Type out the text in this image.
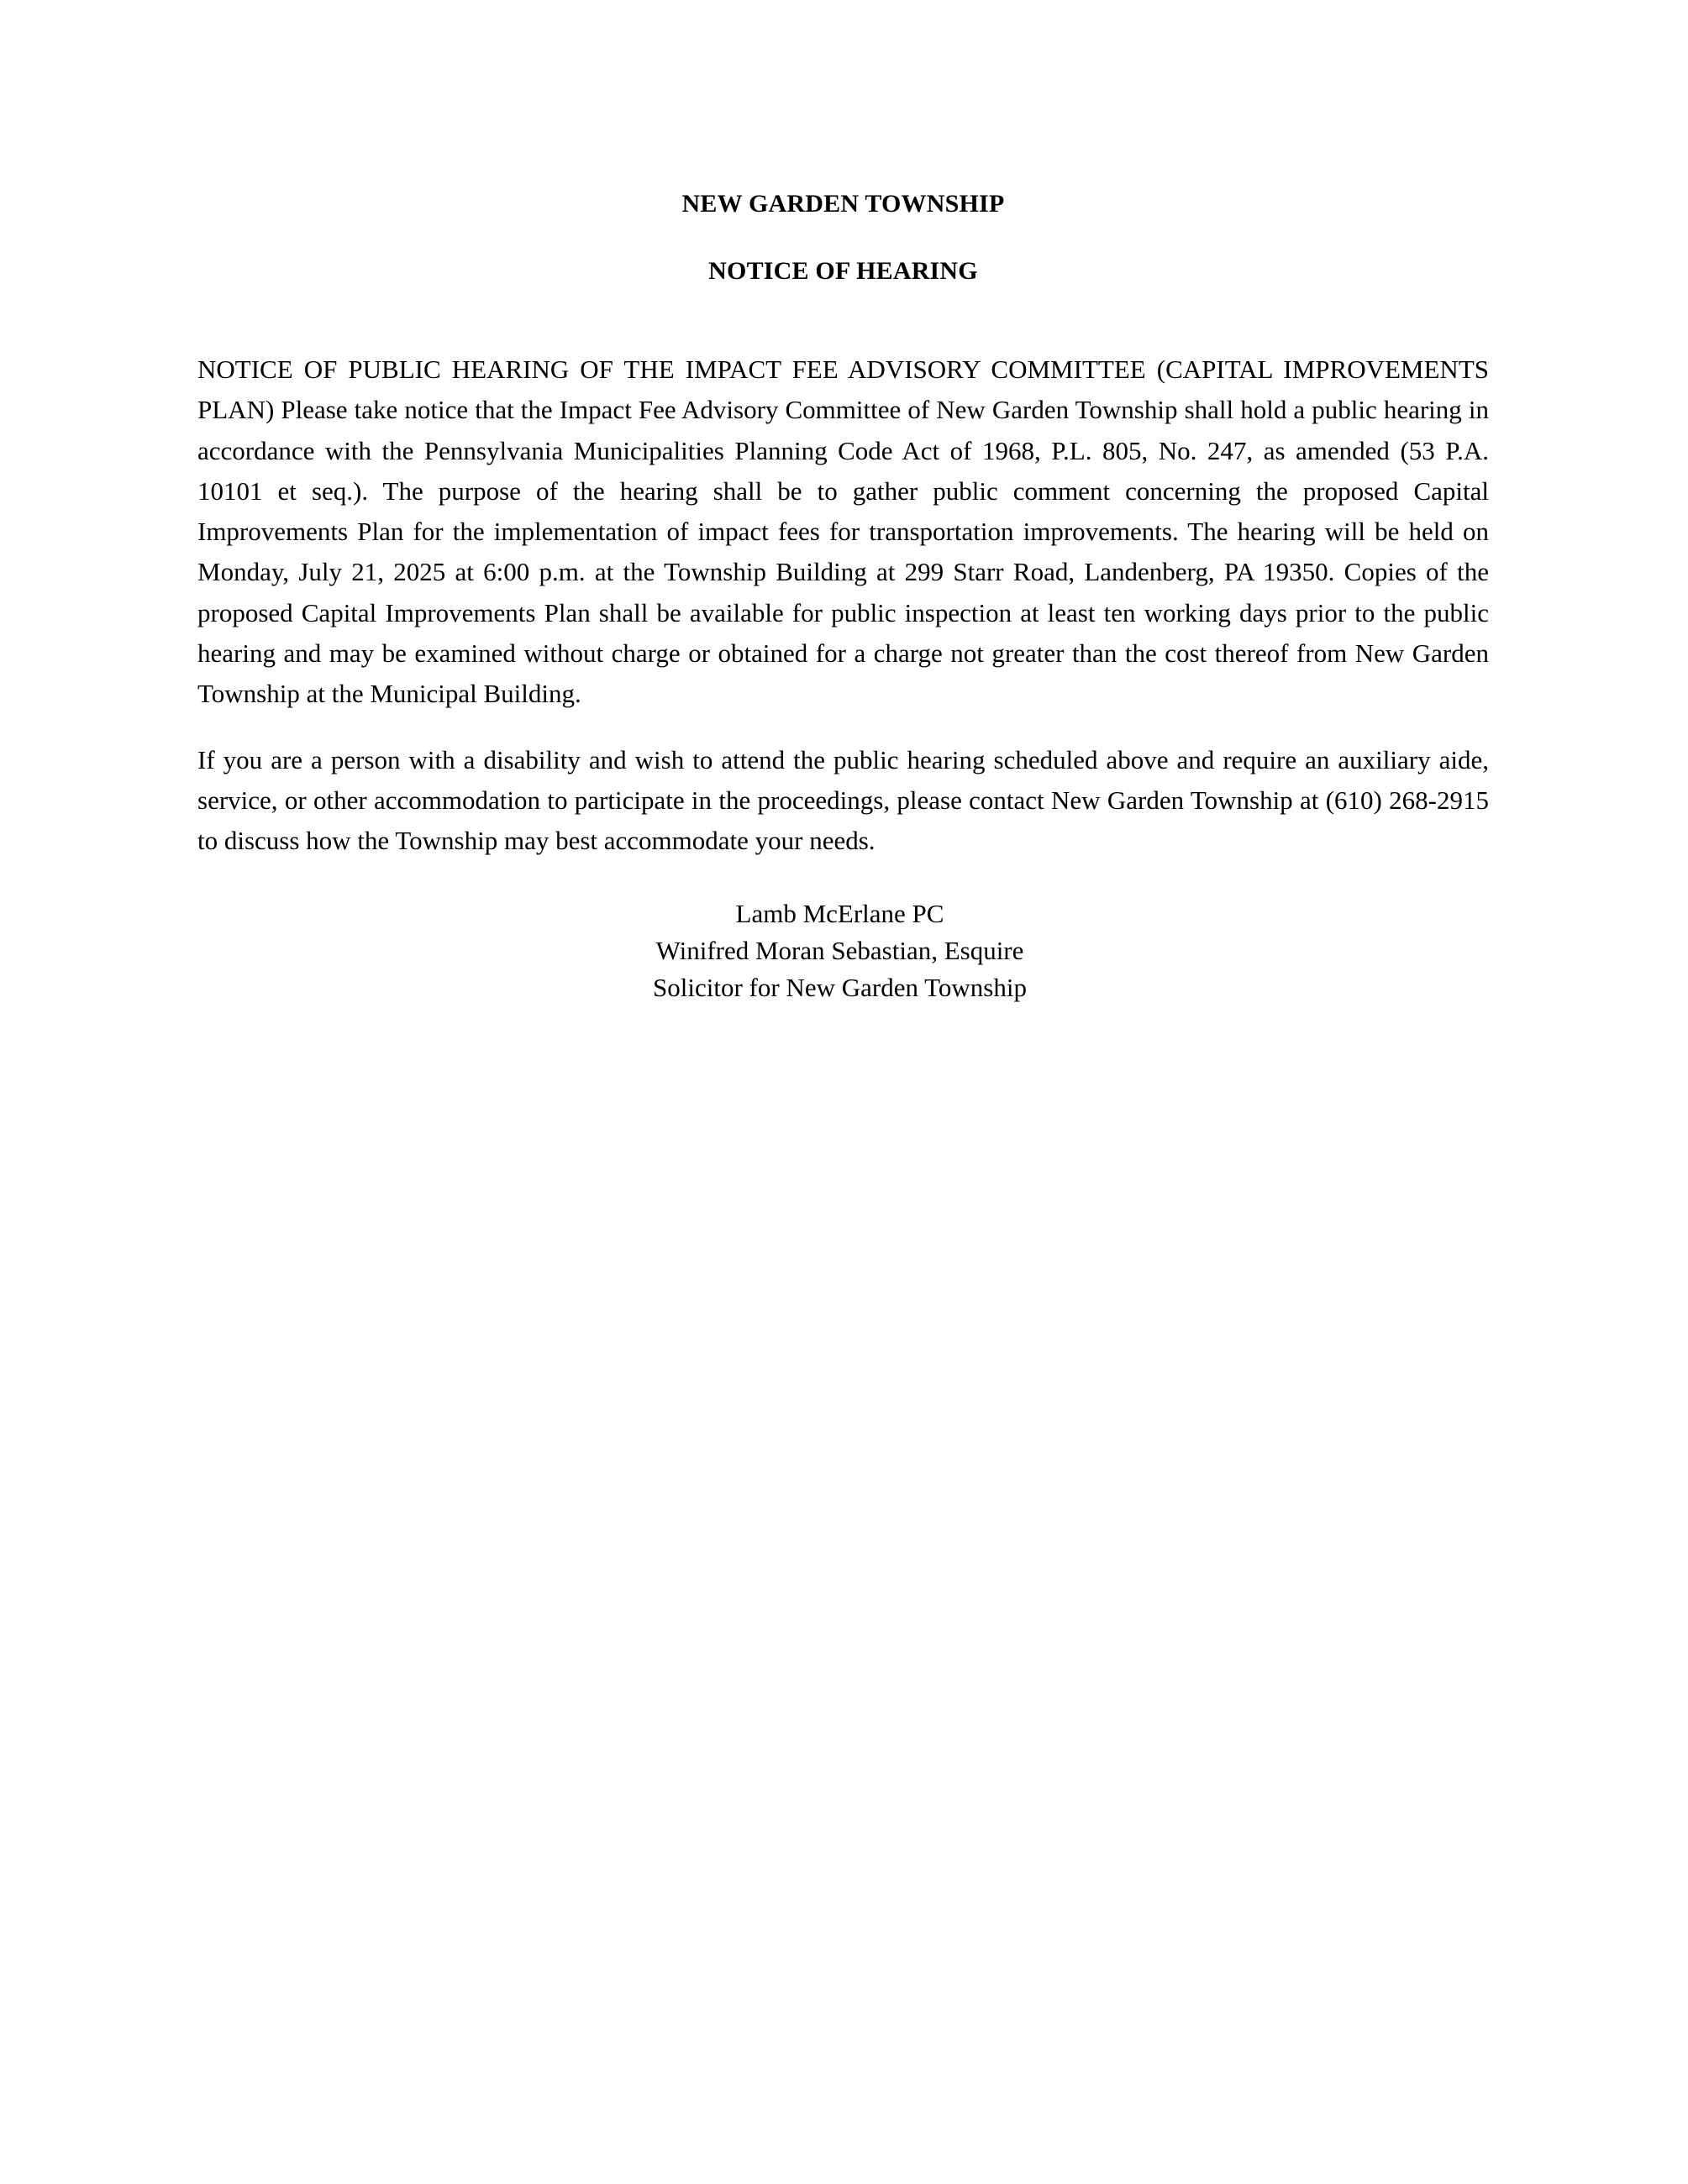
NEW GARDEN TOWNSHIP
NOTICE OF HEARING

NOTICE OF PUBLIC HEARING OF THE IMPACT FEE ADVISORY COMMITTEE (CAPITAL IMPROVEMENTS PLAN) Please take notice that the Impact Fee Advisory Committee of New Garden Township shall hold a public hearing in accordance with the Pennsylvania Municipalities Planning Code Act of 1968, P.L. 805, No. 247, as amended (53 P.A. 10101 et seq.). The purpose of the hearing shall be to gather public comment concerning the proposed Capital Improvements Plan for the implementation of impact fees for transportation improvements. The hearing will be held on Monday, July 21, 2025 at 6:00 p.m. at the Township Building at 299 Starr Road, Landenberg, PA 19350. Copies of the proposed Capital Improvements Plan shall be available for public inspection at least ten working days prior to the public hearing and may be examined without charge or obtained for a charge not greater than the cost thereof from New Garden Township at the Municipal Building.

If you are a person with a disability and wish to attend the public hearing scheduled above and require an auxiliary aide, service, or other accommodation to participate in the proceedings, please contact New Garden Township at (610) 268-2915 to discuss how the Township may best accommodate your needs.

Lamb McErlane PC
Winifred Moran Sebastian, Esquire
Solicitor for New Garden Township
